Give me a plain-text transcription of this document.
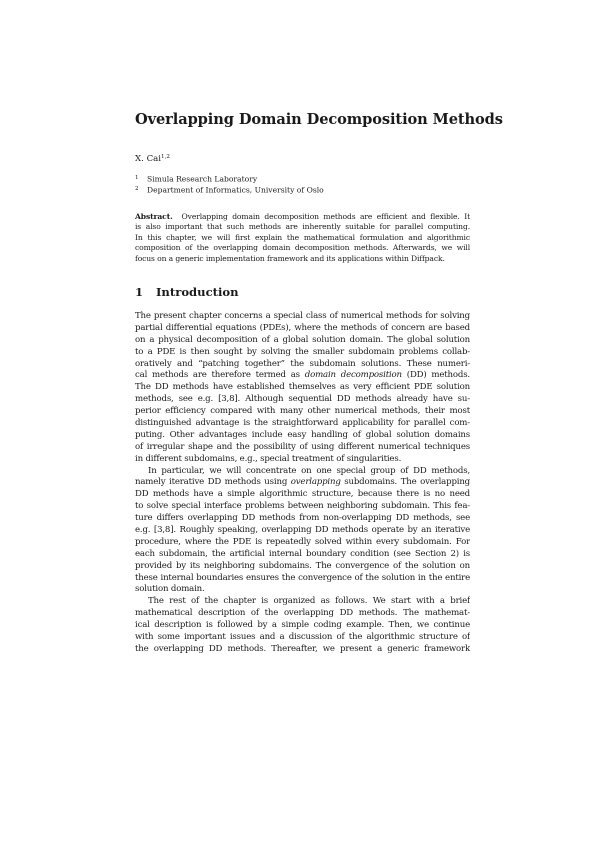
Overlapping Domain Decomposition Methods
X. Cai$^{1,2}$
1 Simula Research Laboratory
2 Department of Informatics, University of Oslo
Abstract. Overlapping domain decomposition methods are efficient and flexible. It
is also important that such methods are inherently suitable for parallel computing.
In this chapter, we will first explain the mathematical formulation and algorithmic
composition of the overlapping domain decomposition methods. Afterwards, we will
focus on a generic implementation framework and its applications within Diffpack.
1 Introduction
The present chapter concerns a special class of numerical methods for solving
partial differential equations (PDEs), where the methods of concern are based
on a physical decomposition of a global solution domain. The global solution
to a PDE is then sought by solving the smaller subdomain problems collab-
oratively and “patching together” the subdomain solutions. These numeri-
cal methods are therefore termed as domain decomposition (DD) methods.
The DD methods have established themselves as very efficient PDE solution
methods, see e.g. [3,8]. Although sequential DD methods already have su-
perior efficiency compared with many other numerical methods, their most
distinguished advantage is the straightforward applicability for parallel com-
puting. Other advantages include easy handling of global solution domains
of irregular shape and the possibility of using different numerical techniques
in different subdomains, e.g., special treatment of singularities.
In particular, we will concentrate on one special group of DD methods,
namely iterative DD methods using overlapping subdomains. The overlapping
DD methods have a simple algorithmic structure, because there is no need
to solve special interface problems between neighboring subdomain. This fea-
ture differs overlapping DD methods from non-overlapping DD methods, see
e.g. [3,8]. Roughly speaking, overlapping DD methods operate by an iterative
procedure, where the PDE is repeatedly solved within every subdomain. For
each subdomain, the artificial internal boundary condition (see Section 2) is
provided by its neighboring subdomains. The convergence of the solution on
these internal boundaries ensures the convergence of the solution in the entire
solution domain.
The rest of the chapter is organized as follows. We start with a brief
mathematical description of the overlapping DD methods. The mathemat-
ical description is followed by a simple coding example. Then, we continue
with some important issues and a discussion of the algorithmic structure of
the overlapping DD methods. Thereafter, we present a generic framework
